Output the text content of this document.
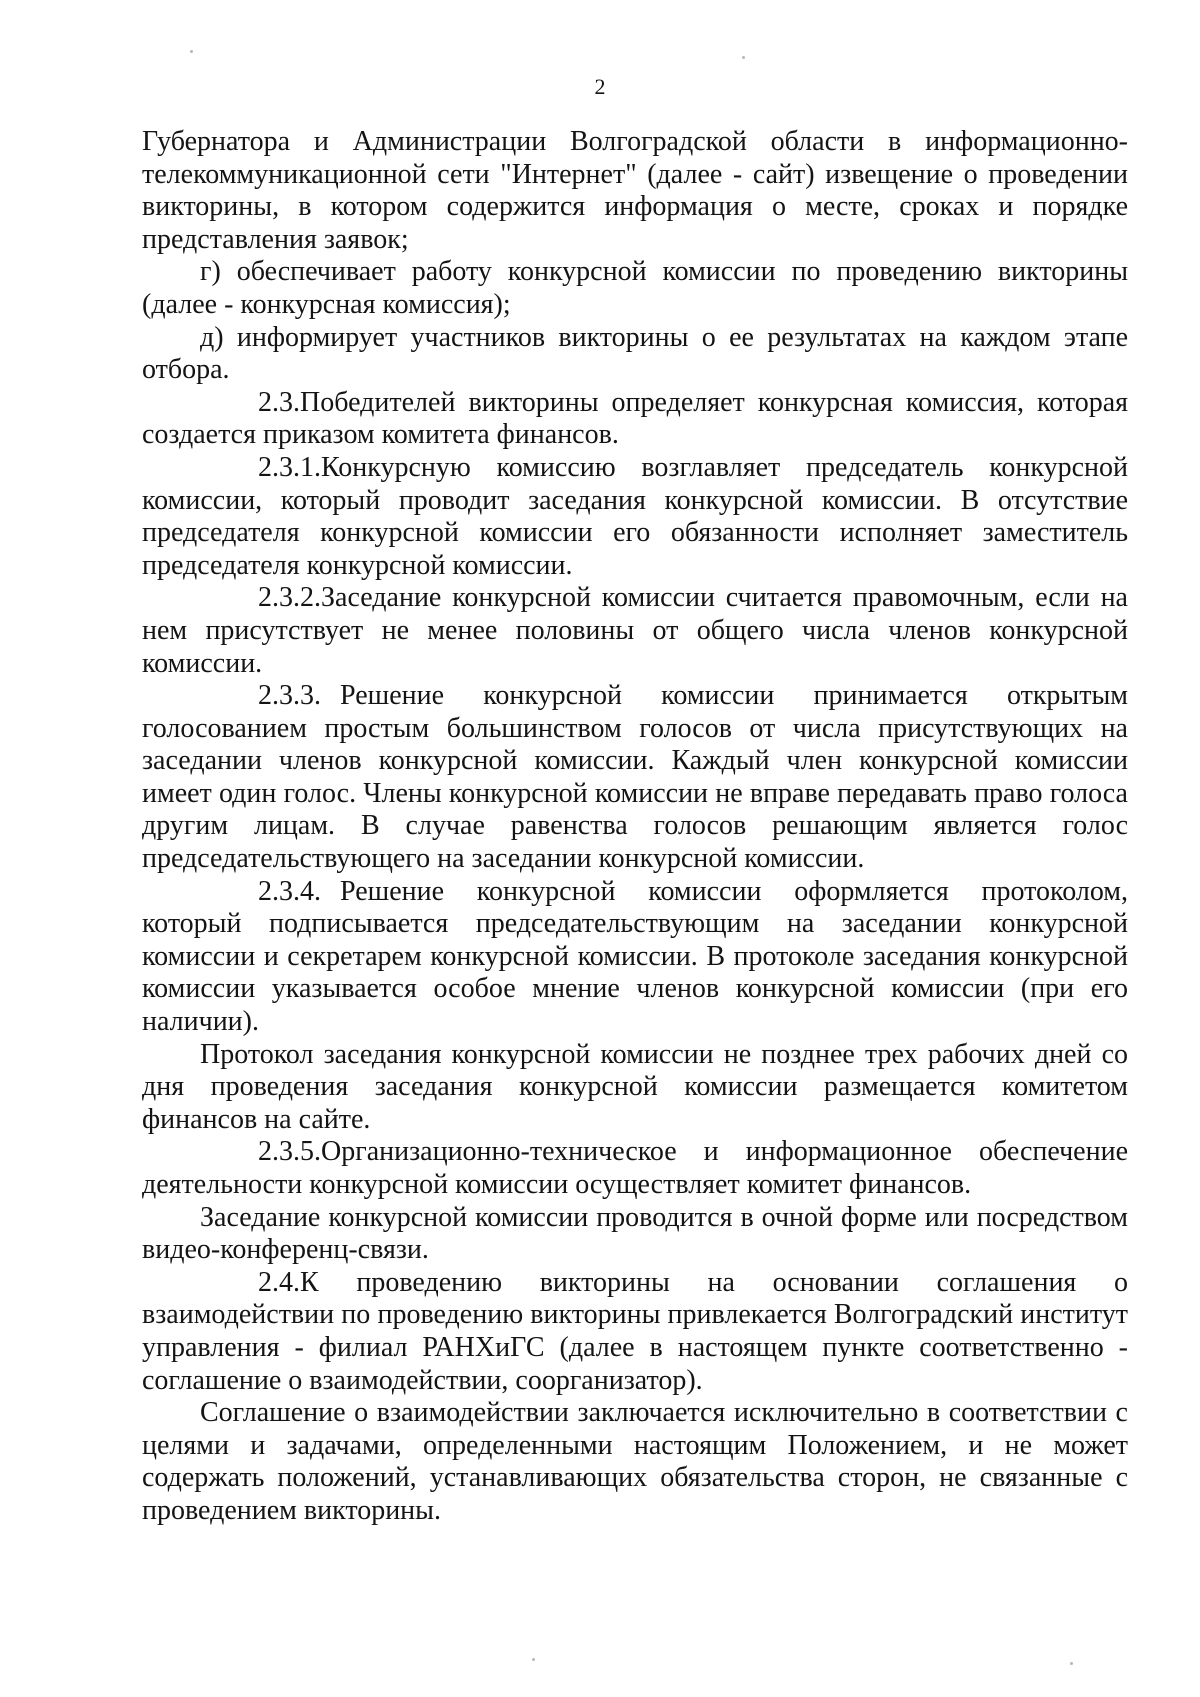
2

Губернатора и Администрации Волгоградской области в информационно-телекоммуникационной сети "Интернет" (далее - сайт) извещение о проведении викторины, в котором содержится информация о месте, сроках и порядке представления заявок;

г) обеспечивает работу конкурсной комиссии по проведению викторины (далее - конкурсная комиссия);

д) информирует участников викторины о ее результатах на каждом этапе отбора.

2.3.Победителей викторины определяет конкурсная комиссия, которая создается приказом комитета финансов.

2.3.1.Конкурсную комиссию возглавляет председатель конкурсной комиссии, который проводит заседания конкурсной комиссии. В отсутствие председателя конкурсной комиссии его обязанности исполняет заместитель председателя конкурсной комиссии.

2.3.2.Заседание конкурсной комиссии считается правомочным, если на нем присутствует не менее половины от общего числа членов конкурсной комиссии.

2.3.3. Решение конкурсной комиссии принимается открытым голосованием простым большинством голосов от числа присутствующих на заседании членов конкурсной комиссии. Каждый член конкурсной комиссии имеет один голос. Члены конкурсной комиссии не вправе передавать право голоса другим лицам. В случае равенства голосов решающим является голос председательствующего на заседании конкурсной комиссии.

2.3.4. Решение конкурсной комиссии оформляется протоколом, который подписывается председательствующим на заседании конкурсной комиссии и секретарем конкурсной комиссии. В протоколе заседания конкурсной комиссии указывается особое мнение членов конкурсной комиссии (при его наличии).

Протокол заседания конкурсной комиссии не позднее трех рабочих дней со дня проведения заседания конкурсной комиссии размещается комитетом финансов на сайте.

2.3.5.Организационно-техническое и информационное обеспечение деятельности конкурсной комиссии осуществляет комитет финансов.

Заседание конкурсной комиссии проводится в очной форме или посредством видео-конференц-связи.

2.4.К проведению викторины на основании соглашения о взаимодействии по проведению викторины привлекается Волгоградский институт управления - филиал РАНХиГС (далее в настоящем пункте соответственно - соглашение о взаимодействии, соорганизатор).

Соглашение о взаимодействии заключается исключительно в соответствии с целями и задачами, определенными настоящим Положением, и не может содержать положений, устанавливающих обязательства сторон, не связанные с проведением викторины.
